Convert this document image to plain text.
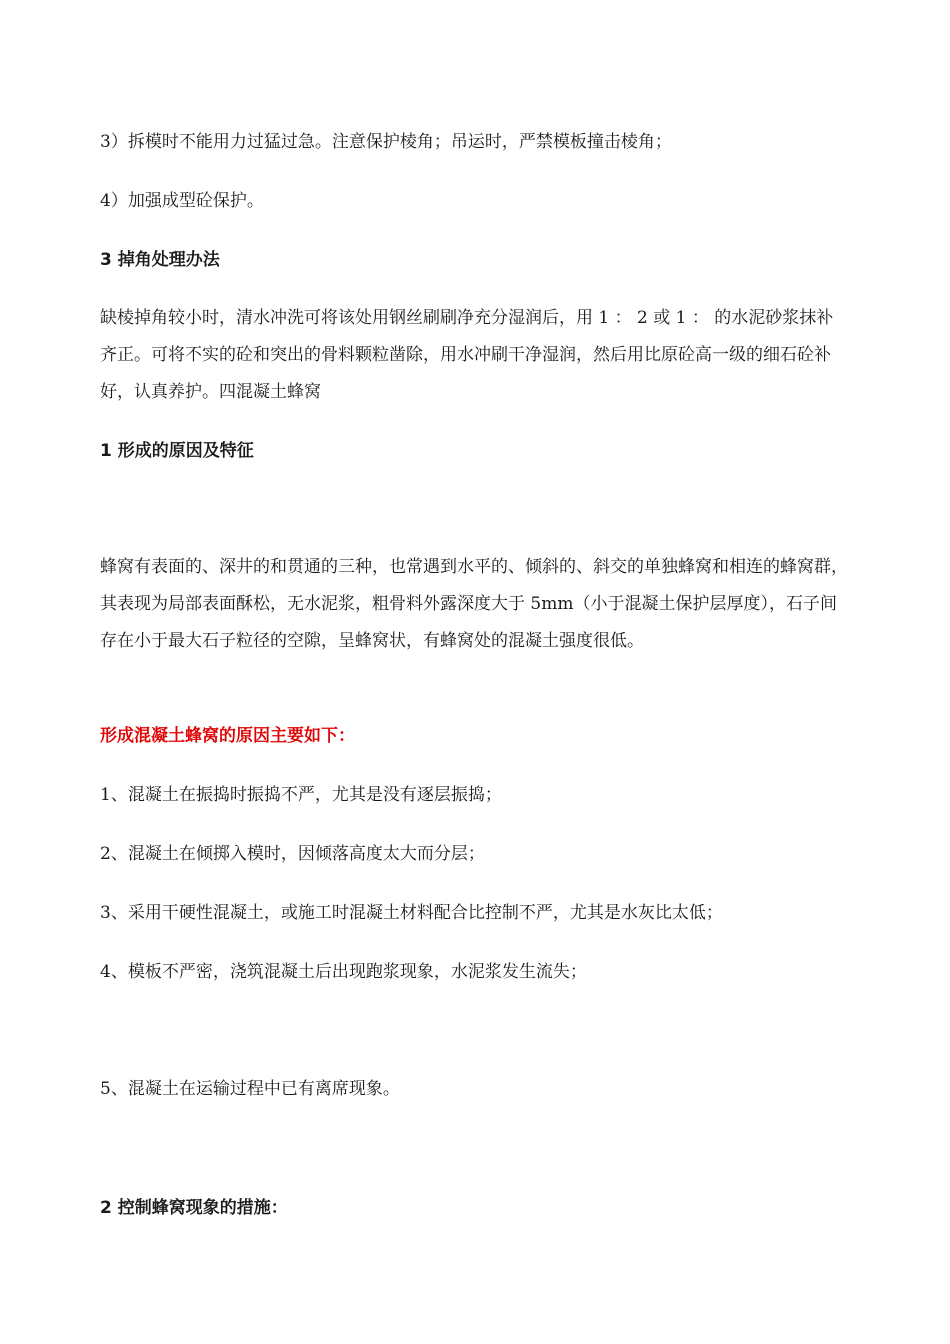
3）拆模时不能用力过猛过急。注意保护棱角；吊运时，严禁模板撞击棱角；
4）加强成型砼保护。
3 掉角处理办法
缺棱掉角较小时，清水冲洗可将该处用钢丝刷刷净充分湿润后，用 1 ： 2 或 1 ： 的水泥砂浆抹补齐正。可将不实的砼和突出的骨料颗粒凿除，用水冲刷干净湿润，然后用比原砼高一级的细石砼补好，认真养护。四混凝土蜂窝
1 形成的原因及特征
蜂窝有表面的、深井的和贯通的三种，也常遇到水平的、倾斜的、斜交的单独蜂窝和相连的蜂窝群，其表现为局部表面酥松，无水泥浆，粗骨料外露深度大于 5mm（小于混凝土保护层厚度），石子间存在小于最大石子粒径的空隙，呈蜂窝状，有蜂窝处的混凝土强度很低。
形成混凝土蜂窝的原因主要如下：
1、混凝土在振捣时振捣不严，尤其是没有逐层振捣；
2、混凝土在倾掷入模时，因倾落高度太大而分层；
3、采用干硬性混凝土，或施工时混凝土材料配合比控制不严，尤其是水灰比太低；
4、模板不严密，浇筑混凝土后出现跑浆现象，水泥浆发生流失；
5、混凝土在运输过程中已有离席现象。
2 控制蜂窝现象的措施：
